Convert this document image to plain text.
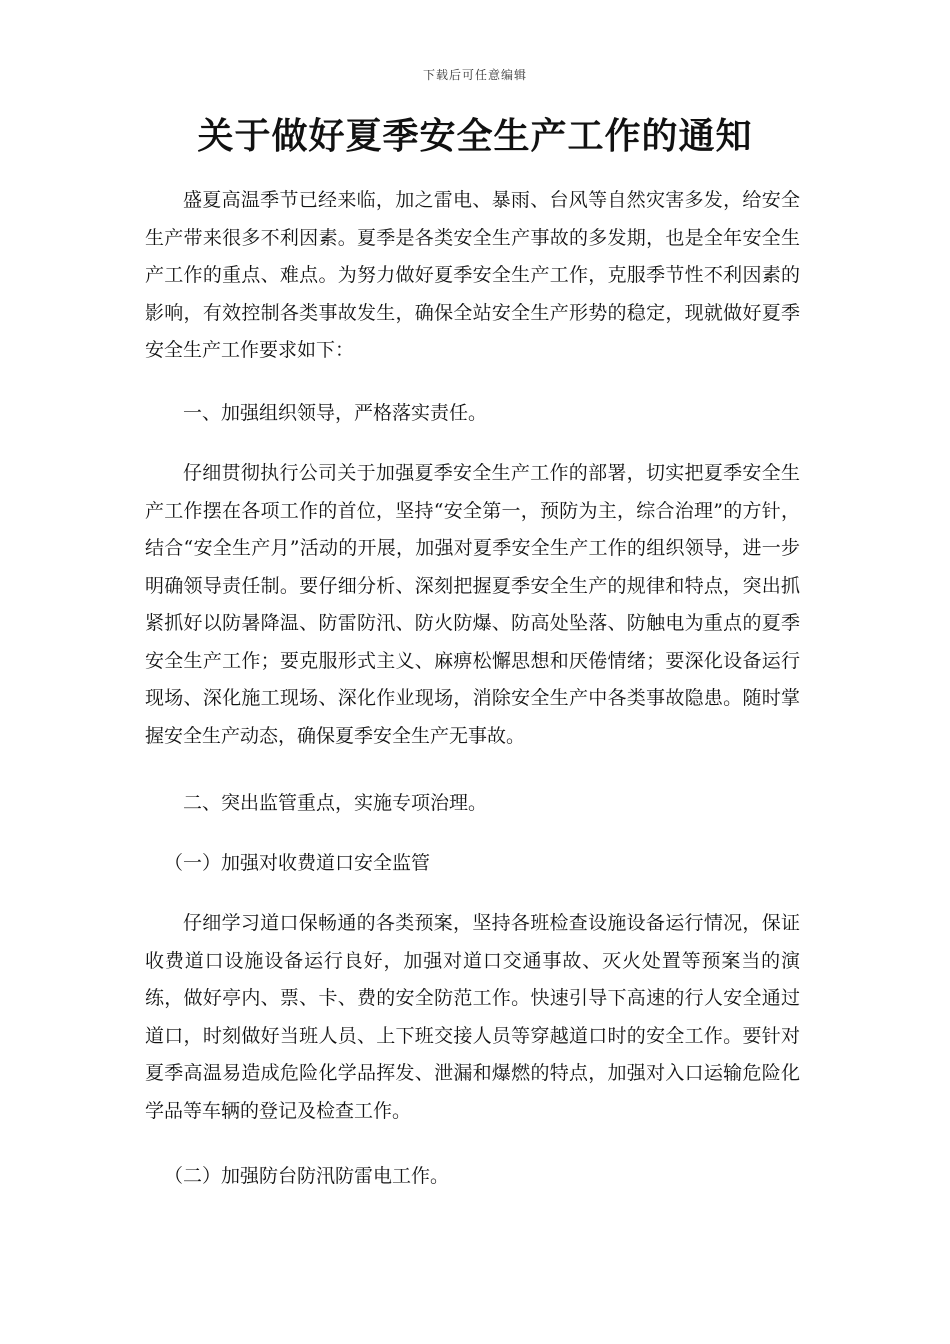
下载后可任意编辑
关于做好夏季安全生产工作的通知

盛夏高温季节已经来临，加之雷电、暴雨、台风等自然灾害多发，给安全生产带来很多不利因素。夏季是各类安全生产事故的多发期，也是全年安全生产工作的重点、难点。为努力做好夏季安全生产工作，克服季节性不利因素的影响，有效控制各类事故发生，确保全站安全生产形势的稳定，现就做好夏季安全生产工作要求如下：

一、加强组织领导，严格落实责任。

仔细贯彻执行公司关于加强夏季安全生产工作的部署，切实把夏季安全生产工作摆在各项工作的首位，坚持“安全第一，预防为主，综合治理”的方针，结合“安全生产月”活动的开展，加强对夏季安全生产工作的组织领导，进一步明确领导责任制。要仔细分析、深刻把握夏季安全生产的规律和特点，突出抓紧抓好以防暑降温、防雷防汛、防火防爆、防高处坠落、防触电为重点的夏季安全生产工作；要克服形式主义、麻痹松懈思想和厌倦情绪；要深化设备运行现场、深化施工现场、深化作业现场，消除安全生产中各类事故隐患。随时掌握安全生产动态，确保夏季安全生产无事故。

二、突出监管重点，实施专项治理。

（一）加强对收费道口安全监管

仔细学习道口保畅通的各类预案，坚持各班检查设施设备运行情况，保证收费道口设施设备运行良好，加强对道口交通事故、灭火处置等预案当的演练，做好亭内、票、卡、费的安全防范工作。快速引导下高速的行人安全通过道口，时刻做好当班人员、上下班交接人员等穿越道口时的安全工作。要针对夏季高温易造成危险化学品挥发、泄漏和爆燃的特点，加强对入口运输危险化学品等车辆的登记及检查工作。

（二）加强防台防汛防雷电工作。
